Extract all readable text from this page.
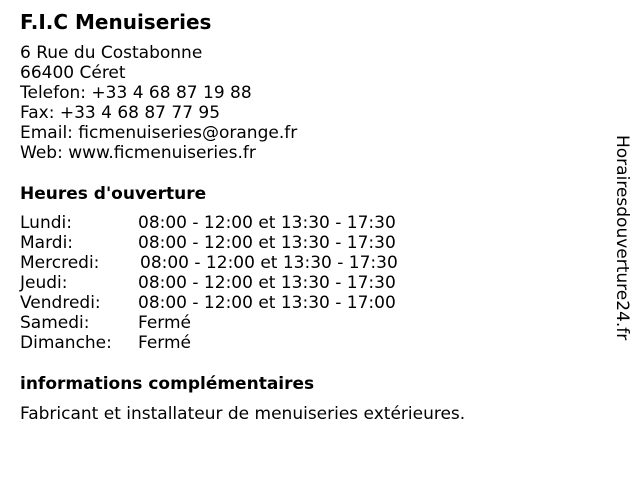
F.I.C Menuiseries
6 Rue du Costabonne
66400 Céret
Telefon: +33 4 68 87 19 88
Fax: +33 4 68 87 77 95
Email: ficmenuiseries@orange.fr
Web: www.ficmenuiseries.fr
Heures d'ouverture
Lundi:	08:00 - 12:00 et 13:30 - 17:30
Mardi:	08:00 - 12:00 et 13:30 - 17:30
Mercredi: 08:00 - 12:00 et 13:30 - 17:30
Jeudi:	08:00 - 12:00 et 13:30 - 17:30
Vendredi: 08:00 - 12:00 et 13:30 - 17:00
Samedi:	Fermé
Dimanche: Fermé
informations complémentaires
Fabricant et installateur de menuiseries extérieures.
Horairesdouverture24.fr
